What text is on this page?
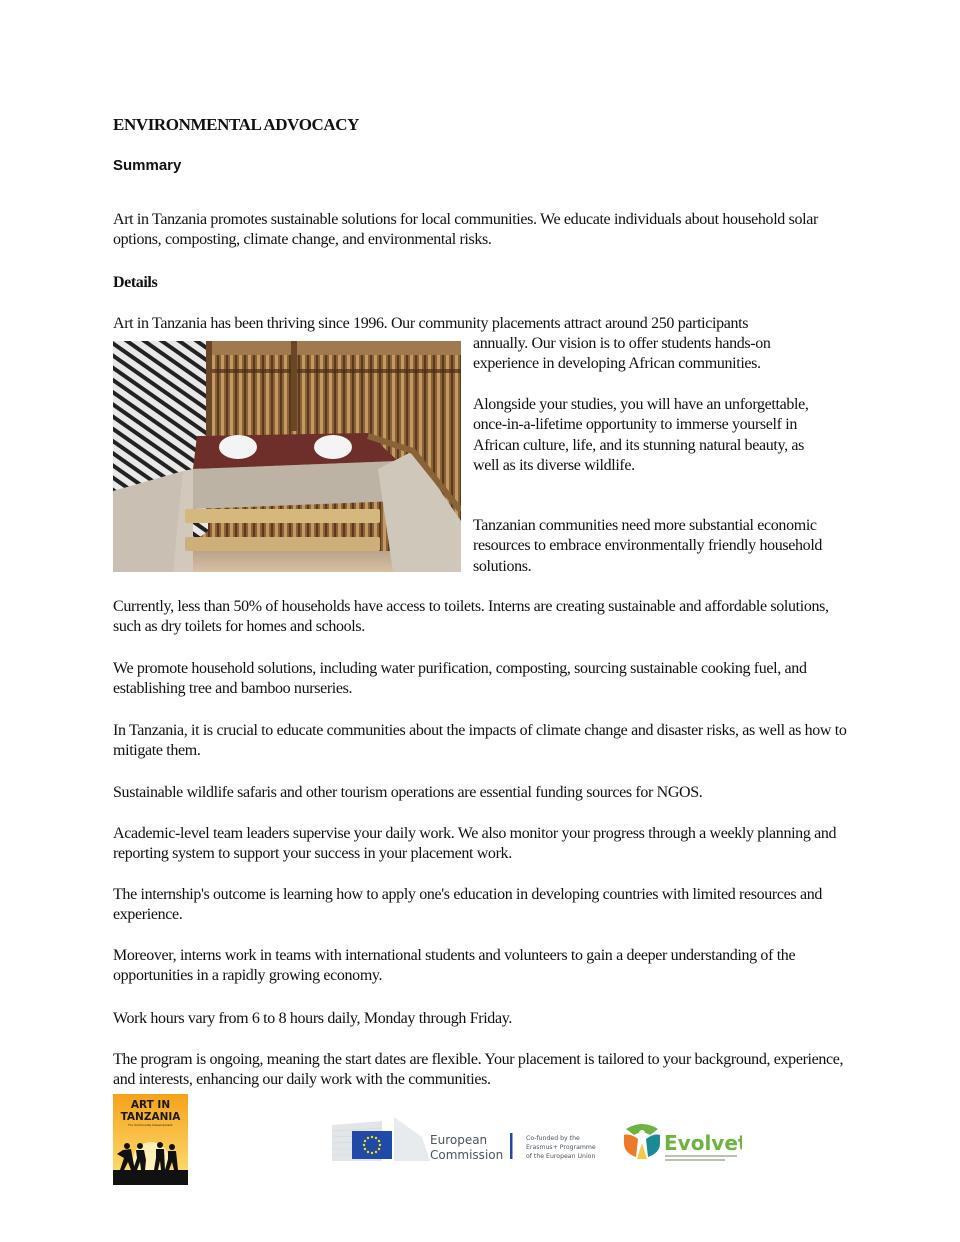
ENVIRONMENTAL ADVOCACY
Summary

Art in Tanzania promotes sustainable solutions for local communities. We educate individuals about household solar options, composting, climate change, and environmental risks.

Details
Art in Tanzania has been thriving since 1996. Our community placements attract around 250 participants

annually. Our vision is to offer students hands-on experience in developing African communities.

Alongside your studies, you will have an unforgettable, once-in-a-lifetime opportunity to immerse yourself in African culture, life, and its stunning natural beauty, as well as its diverse wildlife.

Tanzanian communities need more substantial economic resources to embrace environmentally friendly household solutions.

Currently, less than 50% of households have access to toilets. Interns are creating sustainable and affordable solutions, such as dry toilets for homes and schools.

We promote household solutions, including water purification, composting, sourcing sustainable cooking fuel, and establishing tree and bamboo nurseries.

In Tanzania, it is crucial to educate communities about the impacts of climate change and disaster risks, as well as how to mitigate them.

Sustainable wildlife safaris and other tourism operations are essential funding sources for NGOS.

Academic-level team leaders supervise your daily work. We also monitor your progress through a weekly planning and reporting system to support your success in your placement work.

The internship's outcome is learning how to apply one's education in developing countries with limited resources and experience.

Moreover, interns work in teams with international students and volunteers to gain a deeper understanding of the opportunities in a rapidly growing economy.

Work hours vary from 6 to 8 hours daily, Monday through Friday.

The program is ongoing, meaning the start dates are flexible. Your placement is tailored to your background, experience, and interests, enhancing our daily work with the communities.

ART IN
TANZANIA
For Community Development
European
Commission
Co-funded by the
Erasmus+ Programme
of the European Union
Evolvet
